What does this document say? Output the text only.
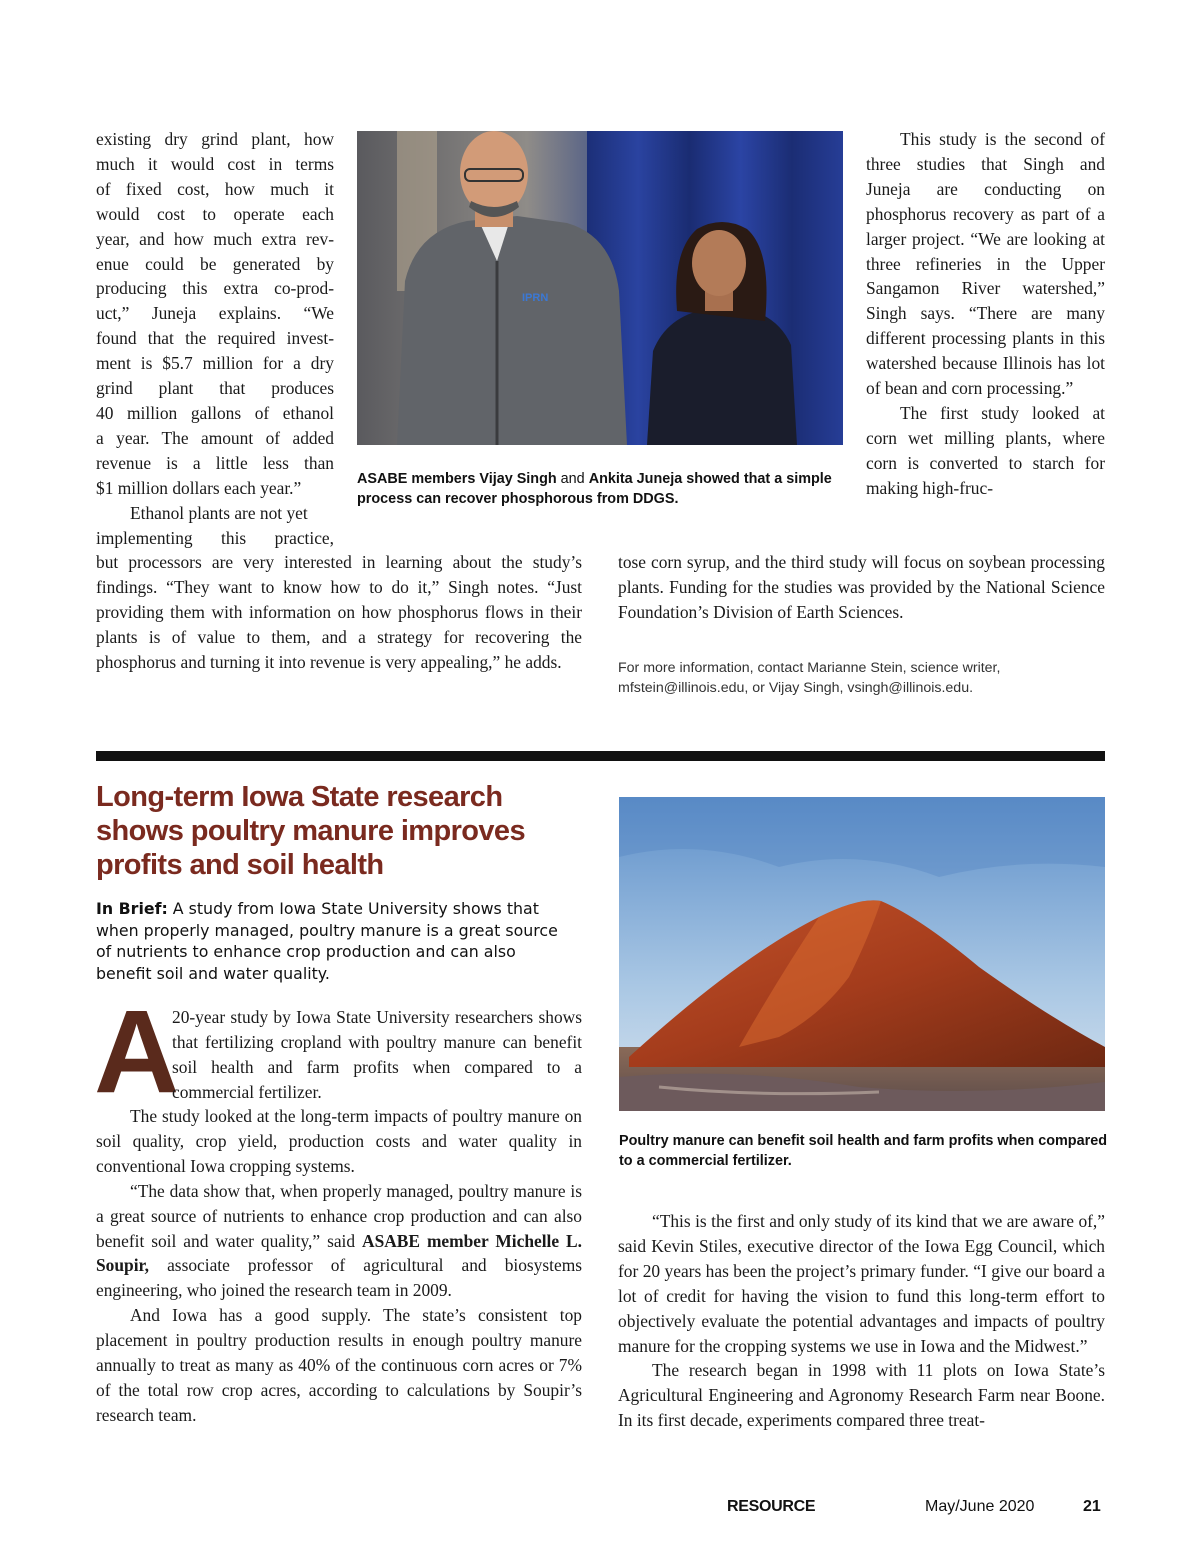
existing dry grind plant, how
much it would cost in terms
of fixed cost, how much it
would cost to operate each
year, and how much extra rev-
enue could be generated by
producing this extra co-prod-
uct,” Juneja explains. “We
found that the required invest-
ment is $5.7 million for a dry
grind plant that produces
40 million gallons of ethanol
a year. The amount of added
revenue is a little less than
$1 million dollars each year.”
Ethanol plants are not yet
implementing this practice,

but processors are very interested in learning about the study’s findings. “They want to know how to do it,” Singh notes. “Just providing them with information on how phosphorus flows in their plants is of value to them, and a strategy for recovering the phosphorus and turning it into revenue is very appealing,” he adds.

IPRN
ASABE members Vijay Singh and Ankita Juneja showed that a simple process can recover phosphorous from DDGS.

This study is the second of three studies that Singh and Juneja are conducting on phosphorus recovery as part of a larger project. “We are looking at three refineries in the Upper Sangamon River watershed,” Singh says. “There are many different processing plants in this watershed because Illinois has lot of bean and corn processing.”

The first study looked at corn wet milling plants, where corn is converted to starch for making high-fruc-

tose corn syrup, and the third study will focus on soybean processing plants. Funding for the studies was provided by the National Science Foundation’s Division of Earth Sciences.

For more information, contact Marianne Stein, science writer,
mfstein@illinois.edu, or Vijay Singh, vsingh@illinois.edu.
Long-term Iowa State research shows poultry manure improves profits and soil health
In Brief: A study from Iowa State University shows that when properly managed, poultry manure is a great source of nutrients to enhance crop production and can also benefit soil and water quality.
A

20-year study by Iowa State University researchers shows that fertilizing cropland with poultry manure can benefit soil health and farm profits when compared to a commercial fertilizer.

The study looked at the long-term impacts of poultry manure on soil quality, crop yield, production costs and water quality in conventional Iowa cropping systems.

“The data show that, when properly managed, poultry manure is a great source of nutrients to enhance crop production and can also benefit soil and water quality,” said ASABE member Michelle L. Soupir, associate professor of agricultural and biosystems engineering, who joined the research team in 2009.

And Iowa has a good supply. The state’s consistent top placement in poultry production results in enough poultry manure annually to treat as many as 40% of the continuous corn acres or 7% of the total row crop acres, according to calculations by Soupir’s research team.

Poultry manure can benefit soil health and farm profits when compared to a commercial fertilizer.

“This is the first and only study of its kind that we are aware of,” said Kevin Stiles, executive director of the Iowa Egg Council, which for 20 years has been the project’s primary funder. “I give our board a lot of credit for having the vision to fund this long-term effort to objectively evaluate the potential advantages and impacts of poultry manure for the cropping systems we use in Iowa and the Midwest.”

The research began in 1998 with 11 plots on Iowa State’s Agricultural Engineering and Agronomy Research Farm near Boone. In its first decade, experiments compared three treat-

RESOURCE	May/June 2020	21
